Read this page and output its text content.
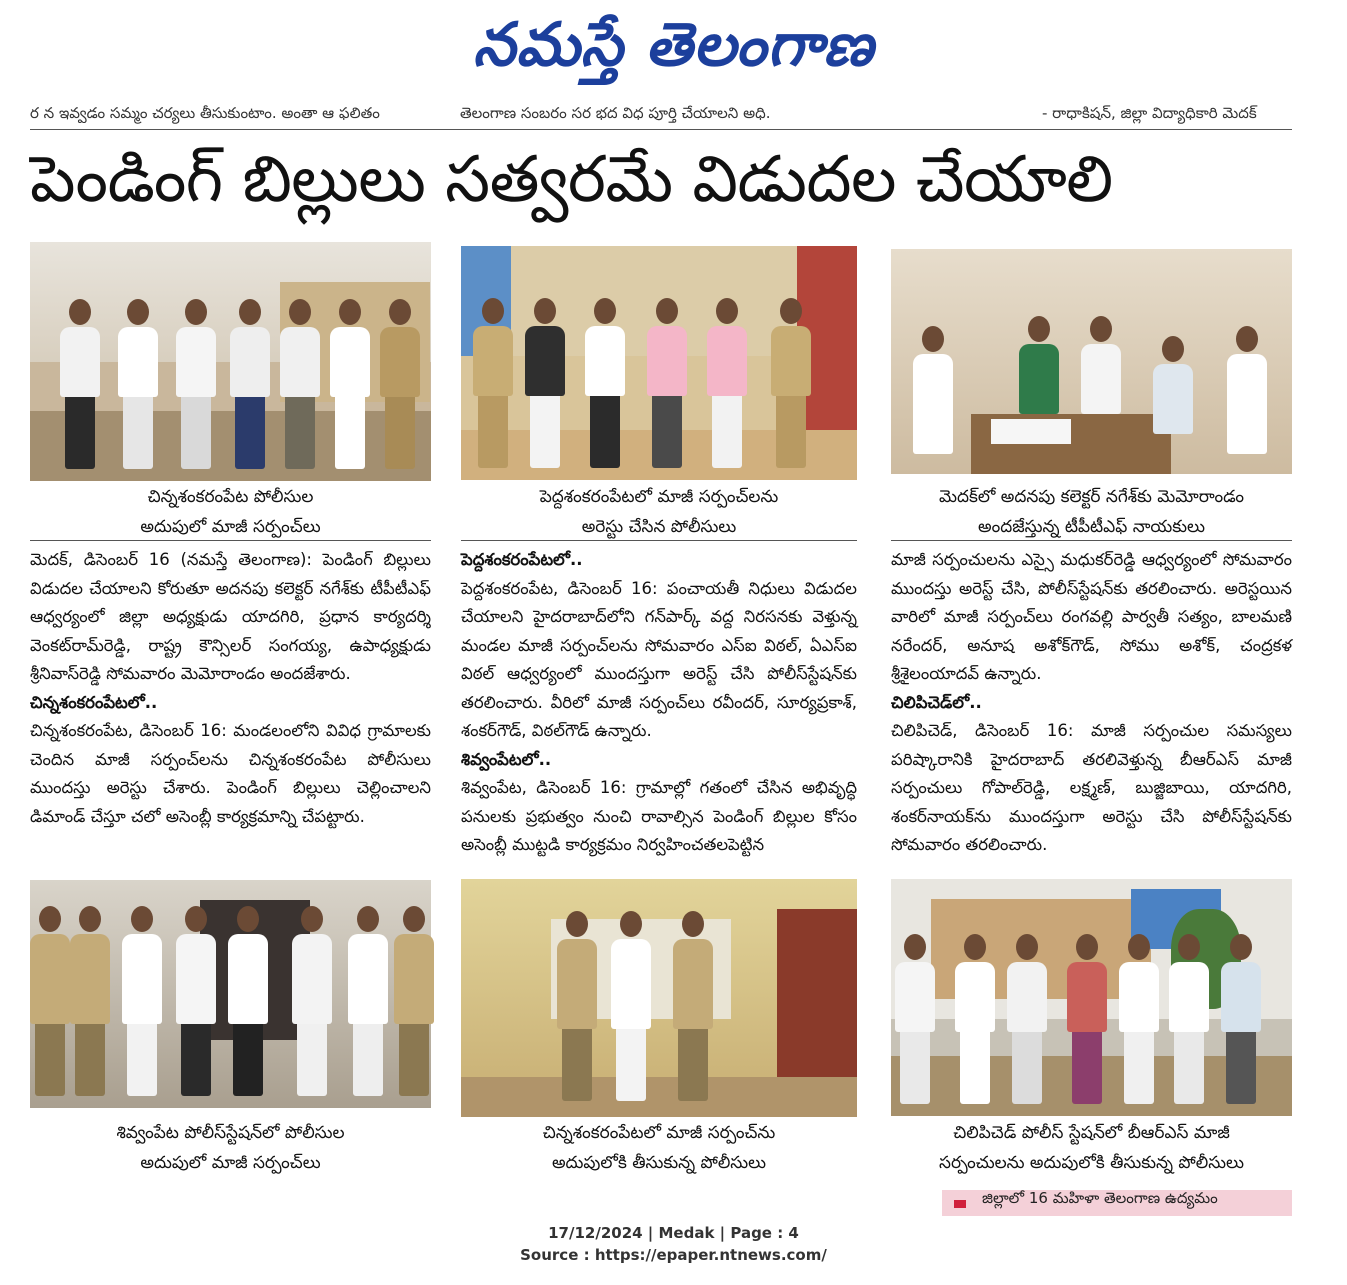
నమస్తే తెలంగాణ
ర న ఇవ్వడం సమ్మం చర్యలు తీసుకుంటాం. అంతా ఆ ఫలితం	తెలంగాణ సంబరం సర భద విధ పూర్తి చేయాలని అధి.	- రాధాకిషన్, జిల్లా విద్యాధికారి మెదక్
పెండింగ్ బిల్లులు సత్వరమే విడుదల చేయాలి
చిన్నశంకరంపేట పోలీసుల
అదుపులో మాజీ సర్పంచ్‌లు
పెద్దశంకరంపేటలో మాజీ సర్పంచ్‌లను
అరెస్టు చేసిన పోలీసులు
మెదక్‌లో అదనపు కలెక్టర్ నగేశ్‌కు మెమోరాండం
అందజేస్తున్న టీపీటీఎఫ్ నాయకులు

మెదక్, డిసెంబర్ 16 (నమస్తే తెలంగాణ): పెండింగ్ బిల్లులు విడుదల చేయాలని కోరుతూ అదనపు కలెక్టర్ నగేశ్‌కు టీపీటీఎఫ్ ఆధ్వర్యంలో జిల్లా అధ్యక్షుడు యాదగిరి, ప్రధాన కార్యదర్శి వెంకట్‌రామ్‌రెడ్డి, రాష్ట్ర కౌన్సిలర్ సంగయ్య, ఉపాధ్యక్షుడు శ్రీనివాస్‌రెడ్డి సోమవారం మెమోరాండం అందజేశారు.

చిన్నశంకరంపేటలో..

చిన్నశంకరంపేట, డిసెంబర్ 16: మండలంలోని వివిధ గ్రామాలకు చెందిన మాజీ సర్పంచ్‌లను చిన్నశంకరంపేట పోలీసులు ముందస్తు అరెస్టు చేశారు. పెండింగ్ బిల్లులు చెల్లించాలని డిమాండ్ చేస్తూ చలో అసెంబ్లీ కార్యక్రమాన్ని చేపట్టారు.

పెద్దశంకరంపేటలో..

పెద్దశంకరంపేట, డిసెంబర్ 16: పంచాయతీ నిధులు విడుదల చేయాలని హైదరాబాద్‌లోని గన్‌పార్క్ వద్ద నిరసనకు వెళ్తున్న మండల మాజీ సర్పంచ్‌లను సోమవారం ఎస్ఐ విఠల్, ఏఎస్ఐ విఠల్ ఆధ్వర్యంలో ముందస్తుగా అరెస్ట్ చేసి పోలీస్‌స్టేషన్‌కు తరలించారు. వీరిలో మాజీ సర్పంచ్‌లు రవీందర్, సూర్యప్రకాశ్, శంకర్‌గౌడ్, విఠల్‌గౌడ్ ఉన్నారు.

శివ్వంపేటలో..

శివ్వంపేట, డిసెంబర్ 16: గ్రామాల్లో గతంలో చేసిన అభివృద్ధి పనులకు ప్రభుత్వం నుంచి రావాల్సిన పెండింగ్ బిల్లుల కోసం అసెంబ్లీ ముట్టడి కార్యక్రమం నిర్వహించతలపెట్టిన

మాజీ సర్పంచులను ఎస్సై మధుకర్‌రెడ్డి ఆధ్వర్యంలో సోమవారం ముందస్తు అరెస్ట్ చేసి, పోలీస్‌స్టేషన్‌కు తరలించారు. అరెస్టయిన వారిలో మాజీ సర్పంచ్‌లు రంగవల్లి పార్వతీ సత్యం, బాలమణి నరేందర్, అనూష అశోక్‌గౌడ్, సోము అశోక్, చంద్రకళ శ్రీశైలంయాదవ్ ఉన్నారు.

చిలిపిచెడ్‌లో..

చిలిపిచెడ్, డిసెంబర్ 16: మాజీ సర్పంచుల సమస్యలు పరిష్కారానికి హైదరాబాద్ తరలివెళ్తున్న బీఆర్‌ఎస్ మాజీ సర్పంచులు గోపాల్‌రెడ్డి, లక్ష్మణ్, బుజ్జిబాయి, యాదగిరి, శంకర్‌నాయక్‌ను ముందస్తుగా అరెస్టు చేసి పోలీస్‌స్టేషన్‌కు సోమవారం తరలించారు.

శివ్వంపేట పోలీస్‌స్టేషన్‌లో పోలీసుల
అదుపులో మాజీ సర్పంచ్‌లు
చిన్నశంకరంపేటలో మాజీ సర్పంచ్‌ను
అదుపులోకి తీసుకున్న పోలీసులు
చిలిపిచెడ్ పోలీస్ స్టేషన్‌లో బీఆర్‌ఎస్ మాజీ
సర్పంచులను అదుపులోకి తీసుకున్న పోలీసులు
జిల్లాలో 16 మహిళా తెలంగాణ ఉద్యమం
17/12/2024 | Medak | Page : 4
Source : https://epaper.ntnews.com/
